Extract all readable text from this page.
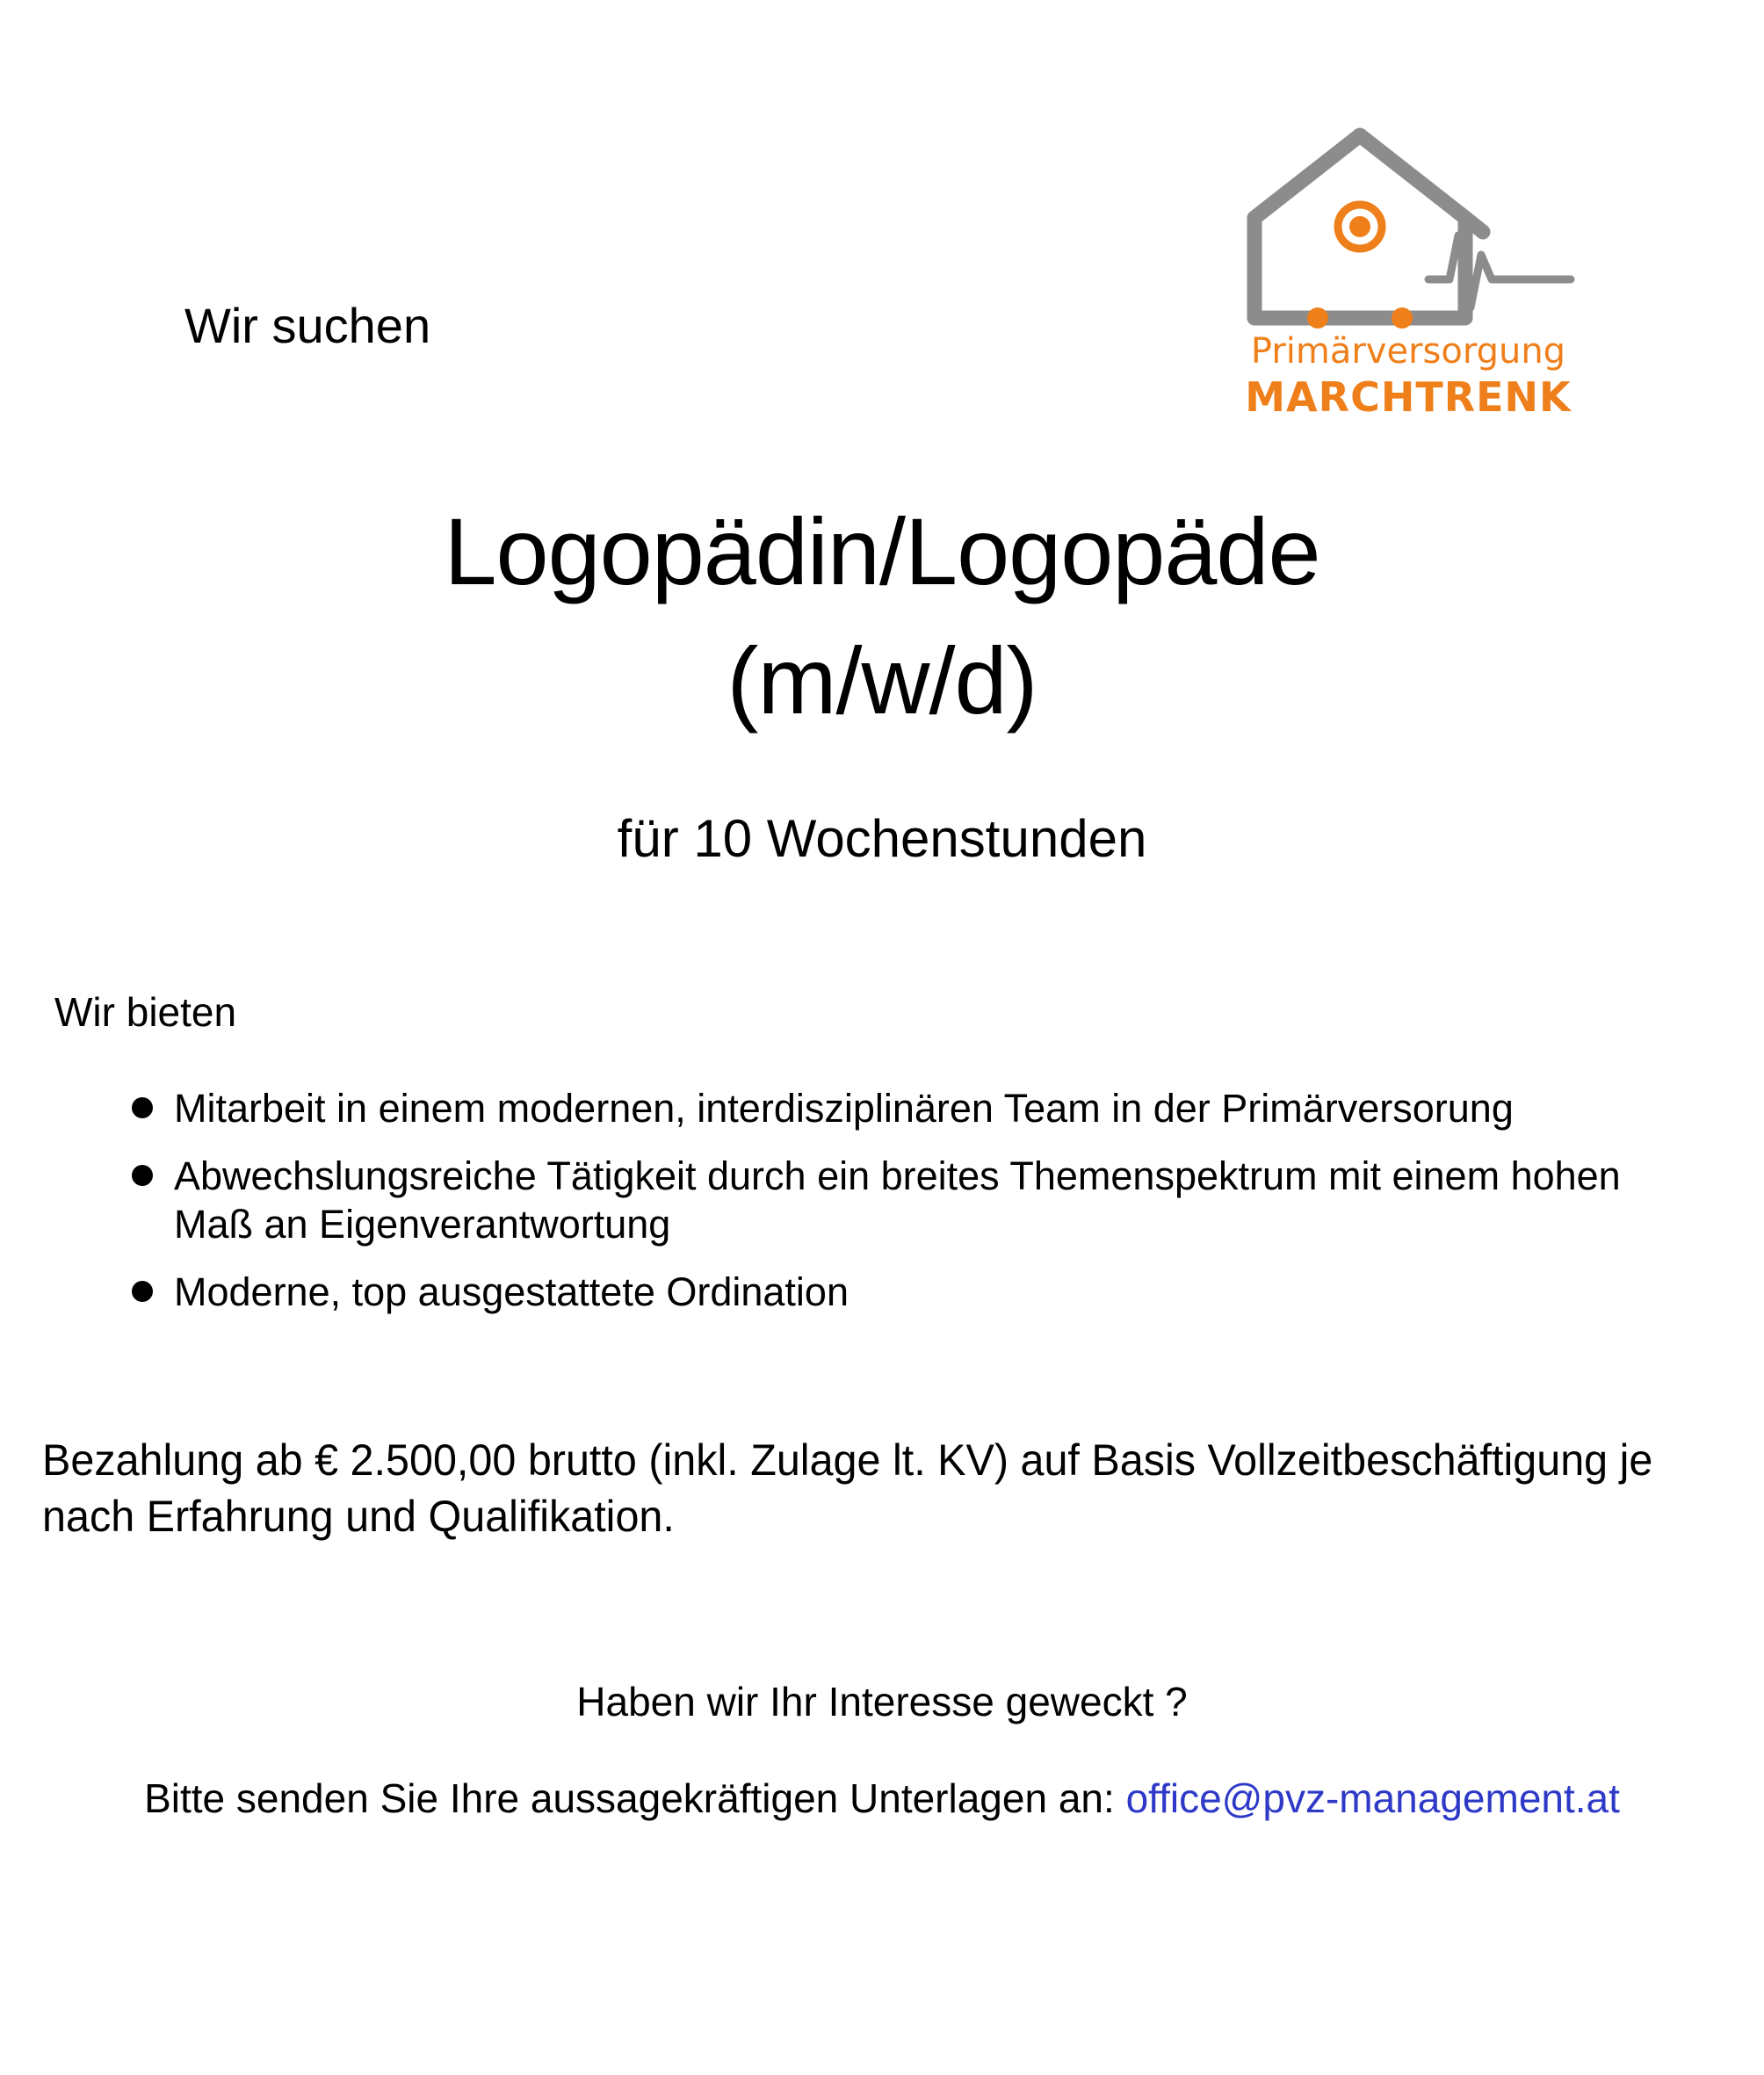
Primärversorgung
MARCHTRENK
Wir suchen
Logopädin/Logopäde
(m/w/d)
für 10 Wochenstunden
Wir bieten
Mitarbeit in einem modernen, interdisziplinären Team in der Primärversorung
Abwechslungsreiche Tätigkeit durch ein breites Themenspektrum mit einem hohen Maß an Eigenverantwortung
Moderne, top ausgestattete Ordination
Bezahlung ab € 2.500,00 brutto (inkl. Zulage lt. KV) auf Basis Vollzeitbeschäftigung je nach Erfahrung und Qualifikation.
Haben wir Ihr Interesse geweckt ?
Bitte senden Sie Ihre aussagekräftigen Unterlagen an: office@pvz-management.at
